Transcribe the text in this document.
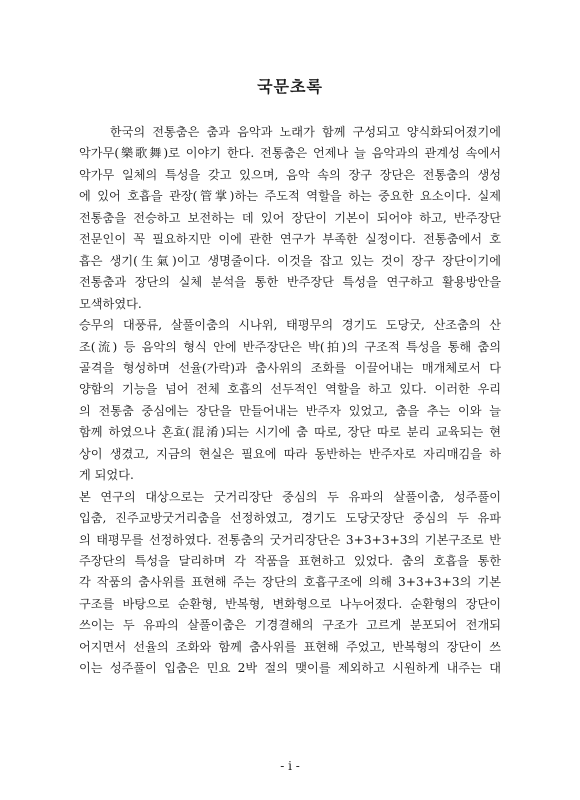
국문초록
　　한국의 전통춤은 춤과 음악과 노래가 함께 구성되고 양식화되어졌기에
악가무(樂歌舞)로 이야기 한다. 전통춤은 언제나 늘 음악과의 관계성 속에서
악가무 일체의 특성을 갖고 있으며, 음악 속의 장구 장단은 전통춤의 생성
에 있어 호흡을 관장(管掌)하는 주도적 역할을 하는 중요한 요소이다. 실제
전통춤을 전승하고 보전하는 데 있어 장단이 기본이 되어야 하고, 반주장단
전문인이 꼭 필요하지만 이에 관한 연구가 부족한 실정이다. 전통춤에서 호
흡은 생기(生氣)이고 생명줄이다. 이것을 잡고 있는 것이 장구 장단이기에
전통춤과 장단의 실체 분석을 통한 반주장단 특성을 연구하고 활용방안을
모색하였다.
승무의 대풍류, 살풀이춤의 시나위, 태평무의 경기도 도당굿, 산조춤의 산
조(流) 등 음악의 형식 안에 반주장단은 박(拍)의 구조적 특성을 통해 춤의
골격을 형성하며 선율(가락)과 춤사위의 조화를 이끌어내는 매개체로서 다
양함의 기능을 넘어 전체 호흡의 선두적인 역할을 하고 있다. 이러한 우리
의 전통춤 중심에는 장단을 만들어내는 반주자 있었고, 춤을 추는 이와 늘
함께 하였으나 혼효(混淆)되는 시기에 춤 따로, 장단 따로 분리 교육되는 현
상이 생겼고, 지금의 현실은 필요에 따라 동반하는 반주자로 자리매김을 하
게 되었다.
본 연구의 대상으로는 굿거리장단 중심의 두 유파의 살풀이춤, 성주풀이
입춤, 진주교방굿거리춤을 선정하였고, 경기도 도당굿장단 중심의 두 유파
의 태평무를 선정하였다. 전통춤의 굿거리장단은 3+3+3+3의 기본구조로 반
주장단의 특성을 달리하며 각 작품을 표현하고 있었다. 춤의 호흡을 통한
각 작품의 춤사위를 표현해 주는 장단의 호흡구조에 의해 3+3+3+3의 기본
구조를 바탕으로 순환형, 반복형, 변화형으로 나누어졌다. 순환형의 장단이
쓰이는 두 유파의 살풀이춤은 기경결해의 구조가 고르게 분포되어 전개되
어지면서 선율의 조화와 함께 춤사위를 표현해 주었고, 반복형의 장단이 쓰
이는 성주풀이 입춤은 민요 2박 절의 맺이를 제외하고 시원하게 내주는 대
- i -
